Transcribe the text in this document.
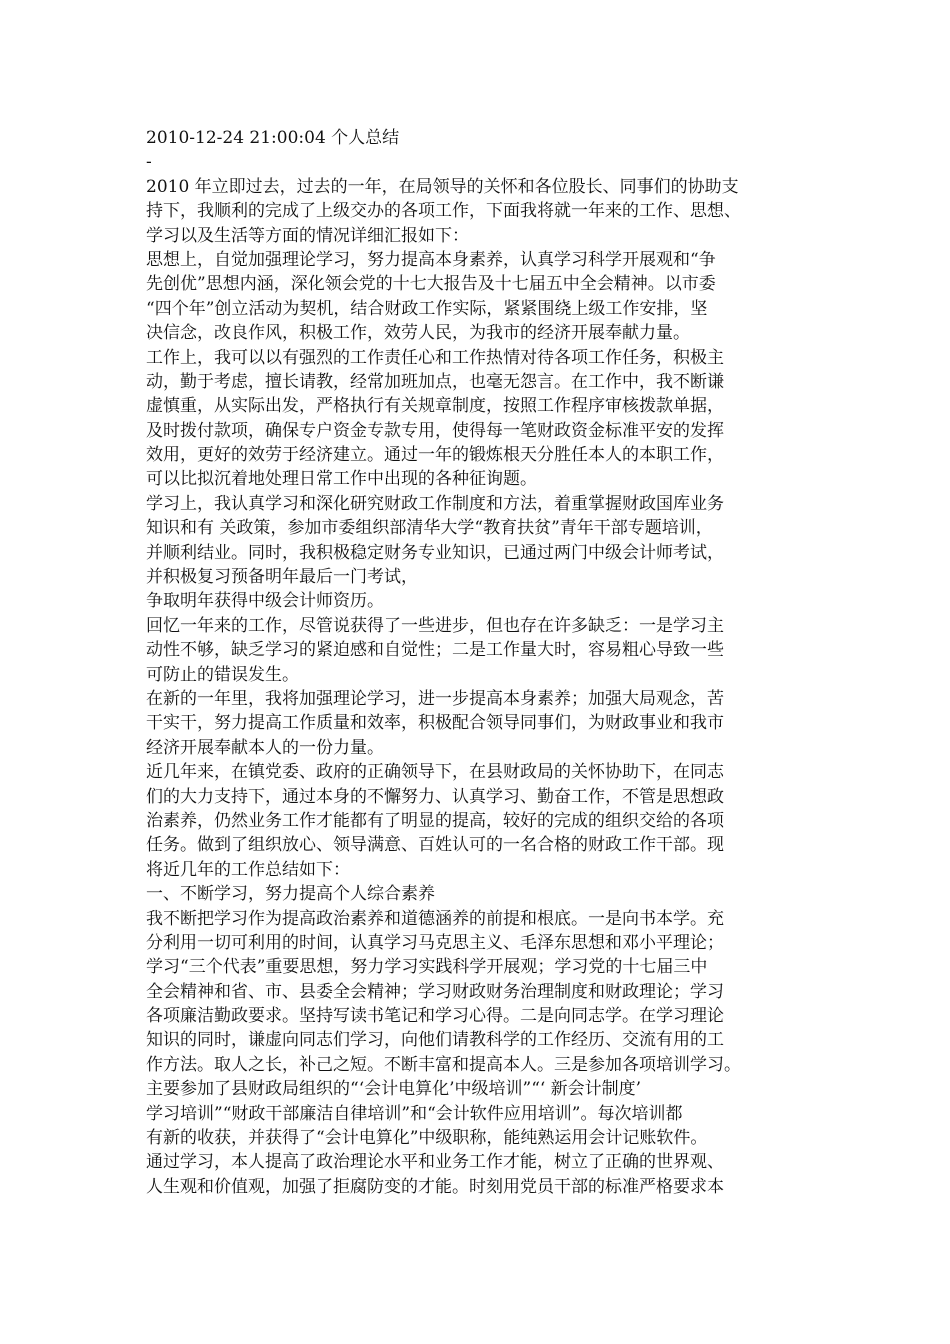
2010-12-24 21:00:04 个人总结
-
2010 年立即过去，过去的一年，在局领导的关怀和各位股长、同事们的协助支
持下，我顺利的完成了上级交办的各项工作，下面我将就一年来的工作、思想、
学习以及生活等方面的情况详细汇报如下：
思想上，自觉加强理论学习，努力提高本身素养，认真学习科学开展观和“争
先创优”思想内涵，深化领会党的十七大报告及十七届五中全会精神。以市委
“四个年”创立活动为契机，结合财政工作实际，紧紧围绕上级工作安排，坚
决信念，改良作风，积极工作，效劳人民，为我市的经济开展奉献力量。
工作上，我可以以有强烈的工作责任心和工作热情对待各项工作任务，积极主
动，勤于考虑，擅长请教，经常加班加点，也毫无怨言。在工作中，我不断谦
虚慎重，从实际出发，严格执行有关规章制度，按照工作程序审核拨款单据，
及时拨付款项，确保专户资金专款专用，使得每一笔财政资金标准平安的发挥
效用，更好的效劳于经济建立。通过一年的锻炼根天分胜任本人的本职工作，
可以比拟沉着地处理日常工作中出现的各种征询题。
学习上，我认真学习和深化研究财政工作制度和方法，着重掌握财政国库业务
知识和有 关政策，参加市委组织部清华大学“教育扶贫”青年干部专题培训，
并顺利结业。同时，我积极稳定财务专业知识，已通过两门中级会计师考试，
并积极复习预备明年最后一门考试，
争取明年获得中级会计师资历。
回忆一年来的工作，尽管说获得了一些进步，但也存在许多缺乏：一是学习主
动性不够，缺乏学习的紧迫感和自觉性；二是工作量大时，容易粗心导致一些
可防止的错误发生。
在新的一年里，我将加强理论学习，进一步提高本身素养；加强大局观念，苦
干实干，努力提高工作质量和效率，积极配合领导同事们，为财政事业和我市
经济开展奉献本人的一份力量。
近几年来，在镇党委、政府的正确领导下，在县财政局的关怀协助下，在同志
们的大力支持下，通过本身的不懈努力、认真学习、勤奋工作，不管是思想政
治素养，仍然业务工作才能都有了明显的提高，较好的完成的组织交给的各项
任务。做到了组织放心、领导满意、百姓认可的一名合格的财政工作干部。现
将近几年的工作总结如下：
一、不断学习，努力提高个人综合素养
我不断把学习作为提高政治素养和道德涵养的前提和根底。一是向书本学。充
分利用一切可利用的时间，认真学习马克思主义、毛泽东思想和邓小平理论；
学习“三个代表”重要思想，努力学习实践科学开展观；学习党的十七届三中
全会精神和省、市、县委全会精神；学习财政财务治理制度和财政理论；学习
各项廉洁勤政要求。坚持写读书笔记和学习心得。二是向同志学。在学习理论
知识的同时，谦虚向同志们学习，向他们请教科学的工作经历、交流有用的工
作方法。取人之长，补己之短。不断丰富和提高本人。三是参加各项培训学习。
主要参加了县财政局组织的“‘会计电算化’中级培训”“‘ 新会计制度’
学习培训”“财政干部廉洁自律培训”和“会计软件应用培训”。每次培训都
有新的收获，并获得了“会计电算化”中级职称，能纯熟运用会计记账软件。
通过学习，本人提高了政治理论水平和业务工作才能，树立了正确的世界观、
人生观和价值观，加强了拒腐防变的才能。时刻用党员干部的标准严格要求本
